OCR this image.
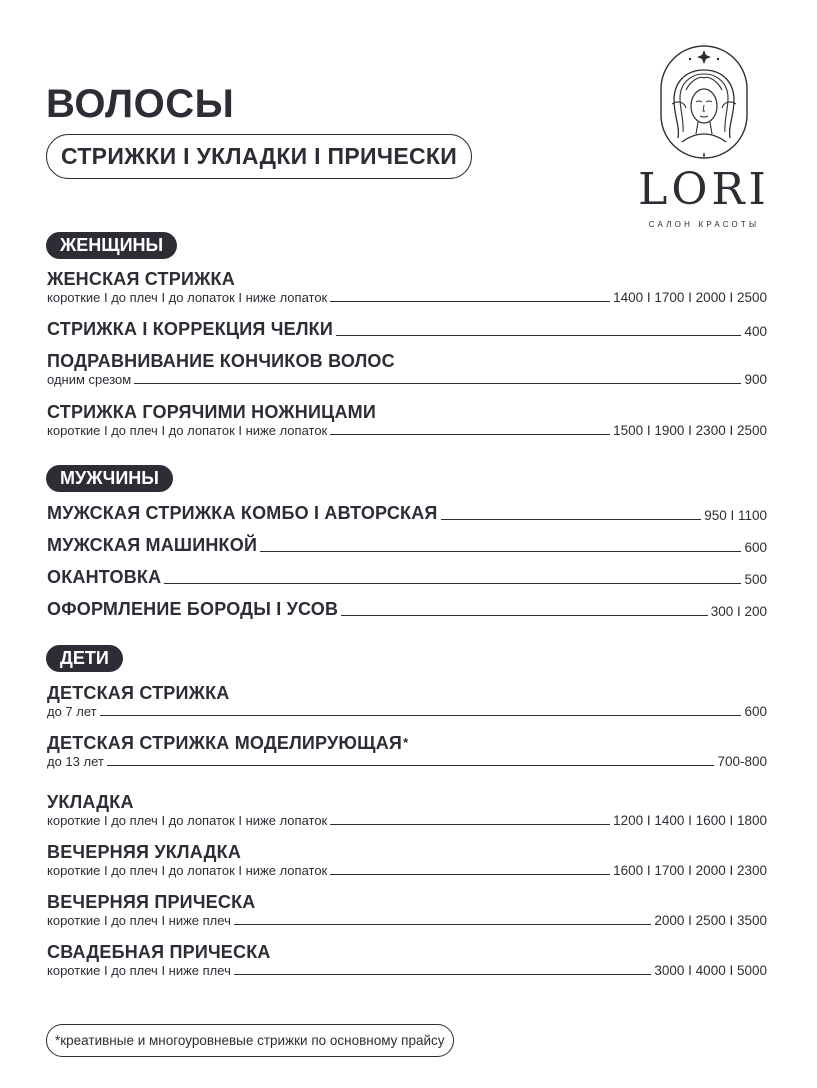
ВОЛОСЫ
СТРИЖКИ I УКЛАДКИ I ПРИЧЕСКИ
LORI
САЛОН КРАСОТЫ
ЖЕНЩИНЫ
ЖЕНСКАЯ СТРИЖКА
короткие I до плеч I до лопаток I ниже лопаток	1400 I 1700 I 2000 I 2500
СТРИЖКА I КОРРЕКЦИЯ ЧЕЛКИ	400
ПОДРАВНИВАНИЕ КОНЧИКОВ ВОЛОС
одним срезом	900
СТРИЖКА ГОРЯЧИМИ НОЖНИЦАМИ
короткие I до плеч I до лопаток I ниже лопаток	1500 I 1900 I 2300 I 2500
МУЖЧИНЫ
МУЖСКАЯ СТРИЖКА КОМБО I АВТОРСКАЯ	950 I 1100
МУЖСКАЯ МАШИНКОЙ	600
ОКАНТОВКА	500
ОФОРМЛЕНИЕ БОРОДЫ I УСОВ	300 I 200
ДЕТИ
ДЕТСКАЯ СТРИЖКА
до 7 лет	600
ДЕТСКАЯ СТРИЖКА МОДЕЛИРУЮЩАЯ*
до 13 лет	700-800
УКЛАДКА
короткие I до плеч I до лопаток I ниже лопаток	1200 I 1400 I 1600 I 1800
ВЕЧЕРНЯЯ УКЛАДКА
короткие I до плеч I до лопаток I ниже лопаток	1600 I 1700 I 2000 I 2300
ВЕЧЕРНЯЯ ПРИЧЕСКА
короткие I до плеч I ниже плеч	2000 I 2500 I 3500
СВАДЕБНАЯ ПРИЧЕСКА
короткие I до плеч I ниже плеч	3000 I 4000 I 5000
*креативные и многоуровневые стрижки по основному прайсу
